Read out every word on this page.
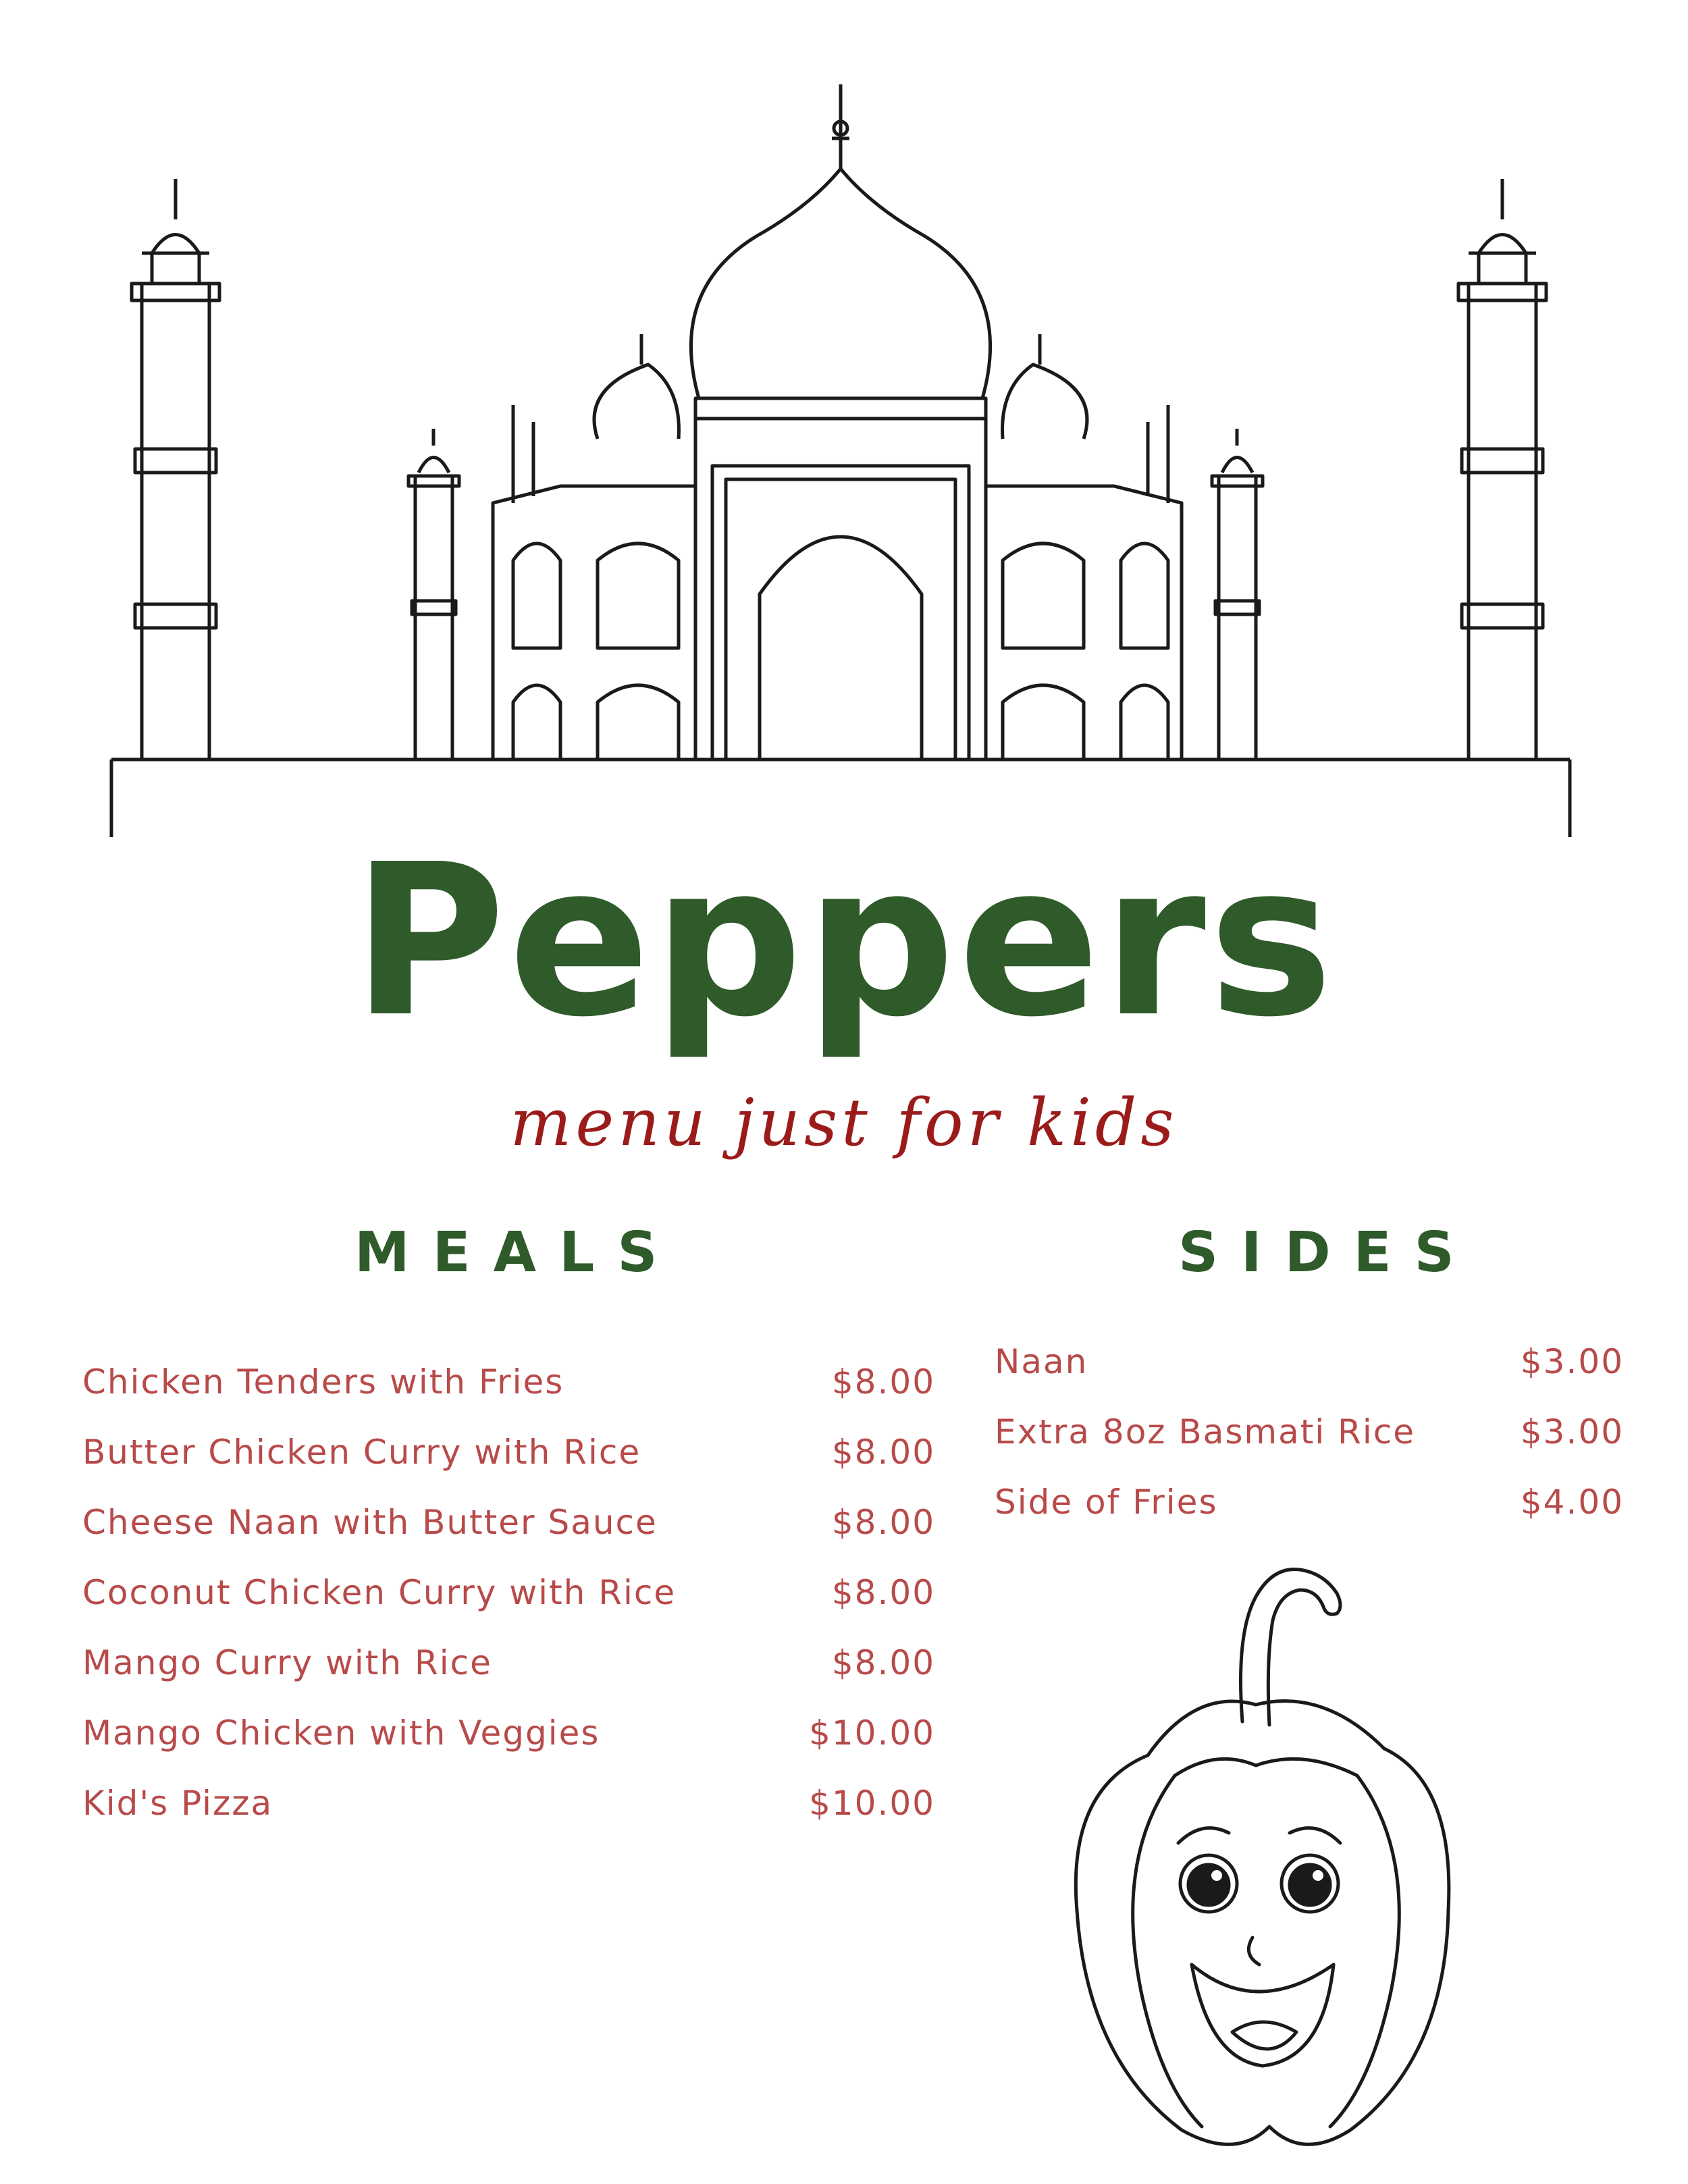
Peppers
menu just for kids
MEALS	SIDES
Chicken Tenders with Fries	$8.00
Butter Chicken Curry with Rice	$8.00
Cheese Naan with Butter Sauce	$8.00
Coconut Chicken Curry with Rice	$8.00
Mango Curry with Rice	$8.00
Mango Chicken with Veggies	$10.00
Kid's Pizza	$10.00
Naan	$3.00
Extra 8oz Basmati Rice	$3.00
Side of Fries	$4.00
